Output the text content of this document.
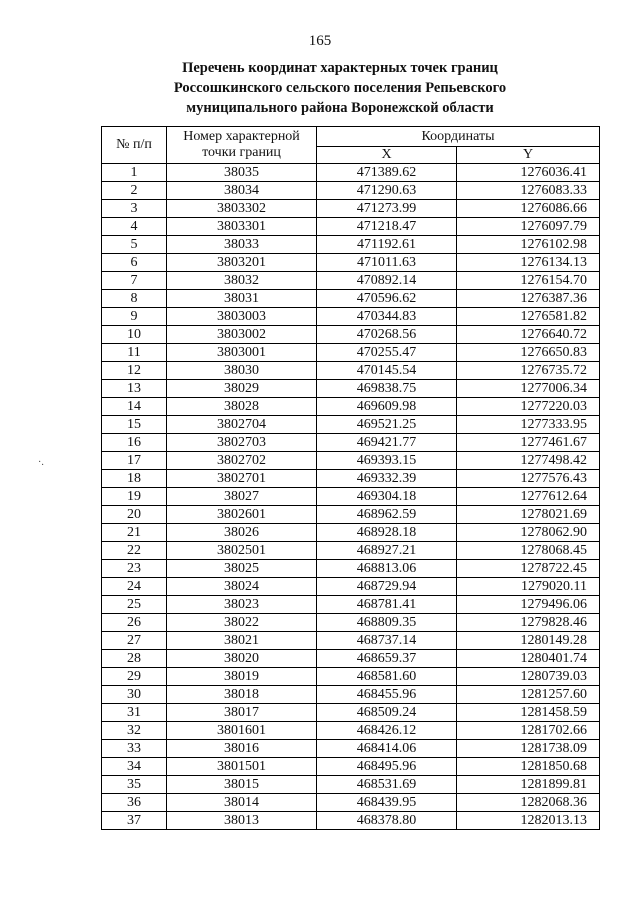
165
Перечень координат характерных точек границ
Россошкинского сельского поселения Репьевского
муниципального района Воронежской области
·.
№ п/п	Номер характерной точки границ	Координаты	
		X	Y
1	38035	471389.62	1276036.41
2	38034	471290.63	1276083.33
3	3803302	471273.99	1276086.66
4	3803301	471218.47	1276097.79
5	38033	471192.61	1276102.98
6	3803201	471011.63	1276134.13
7	38032	470892.14	1276154.70
8	38031	470596.62	1276387.36
9	3803003	470344.83	1276581.82
10	3803002	470268.56	1276640.72
11	3803001	470255.47	1276650.83
12	38030	470145.54	1276735.72
13	38029	469838.75	1277006.34
14	38028	469609.98	1277220.03
15	3802704	469521.25	1277333.95
16	3802703	469421.77	1277461.67
17	3802702	469393.15	1277498.42
18	3802701	469332.39	1277576.43
19	38027	469304.18	1277612.64
20	3802601	468962.59	1278021.69
21	38026	468928.18	1278062.90
22	3802501	468927.21	1278068.45
23	38025	468813.06	1278722.45
24	38024	468729.94	1279020.11
25	38023	468781.41	1279496.06
26	38022	468809.35	1279828.46
27	38021	468737.14	1280149.28
28	38020	468659.37	1280401.74
29	38019	468581.60	1280739.03
30	38018	468455.96	1281257.60
31	38017	468509.24	1281458.59
32	3801601	468426.12	1281702.66
33	38016	468414.06	1281738.09
34	3801501	468495.96	1281850.68
35	38015	468531.69	1281899.81
36	38014	468439.95	1282068.36
37	38013	468378.80	1282013.13
